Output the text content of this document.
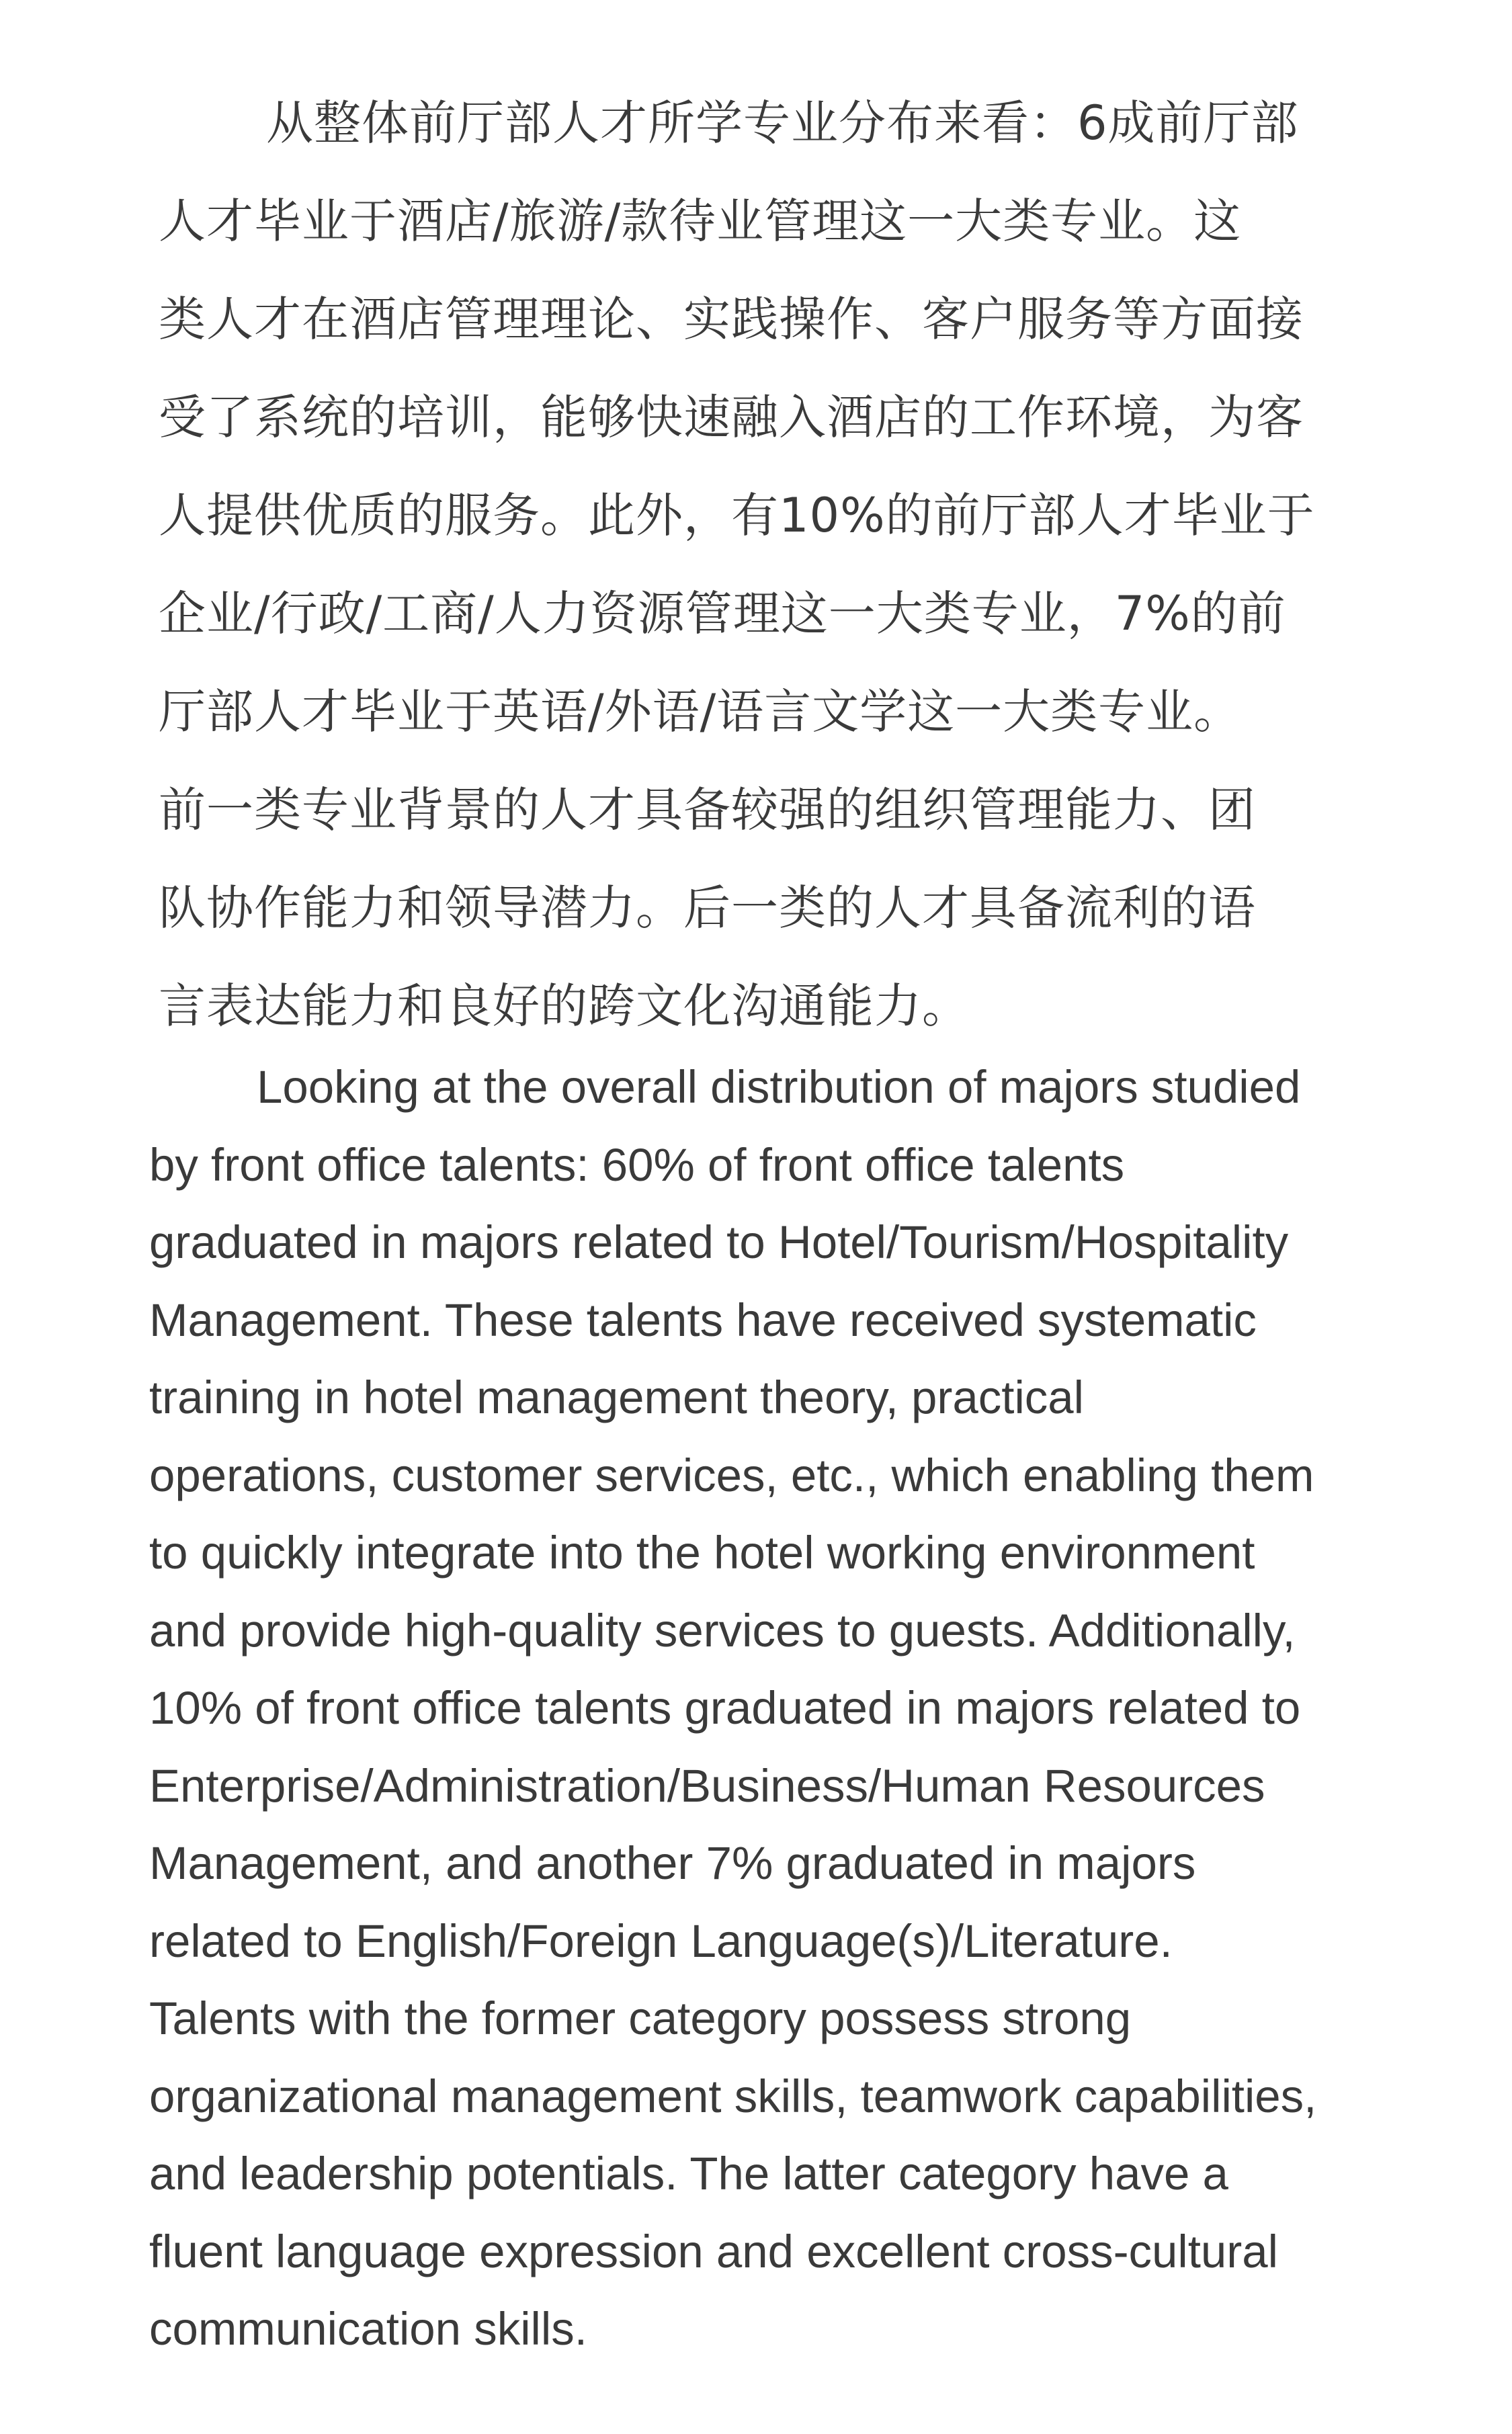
从整体前厅部人才所学专业分布来看：6成前厅部
人才毕业于酒店/旅游/款待业管理这一大类专业。这
类人才在酒店管理理论、实践操作、客户服务等方面接
受了系统的培训，能够快速融入酒店的工作环境，为客
人提供优质的服务。此外，有10%的前厅部人才毕业于
企业/行政/工商/人力资源管理这一大类专业，7%的前
厅部人才毕业于英语/外语/语言文学这一大类专业。
前一类专业背景的人才具备较强的组织管理能力、团
队协作能力和领导潜力。后一类的人才具备流利的语
言表达能力和良好的跨文化沟通能力。
Looking at the overall distribution of majors studied
by front office talents: 60% of front office talents
graduated in majors related to Hotel/Tourism/Hospitality
Management. These talents have received systematic
training in hotel management theory, practical
operations, customer services, etc., which enabling them
to quickly integrate into the hotel working environment
and provide high-quality services to guests. Additionally,
10% of front office talents graduated in majors related to
Enterprise/Administration/Business/Human Resources
Management, and another 7% graduated in majors
related to English/Foreign Language(s)/Literature.
Talents with the former category possess strong
organizational management skills, teamwork capabilities,
and leadership potentials. The latter category have a
fluent language expression and excellent cross-cultural
communication skills.
